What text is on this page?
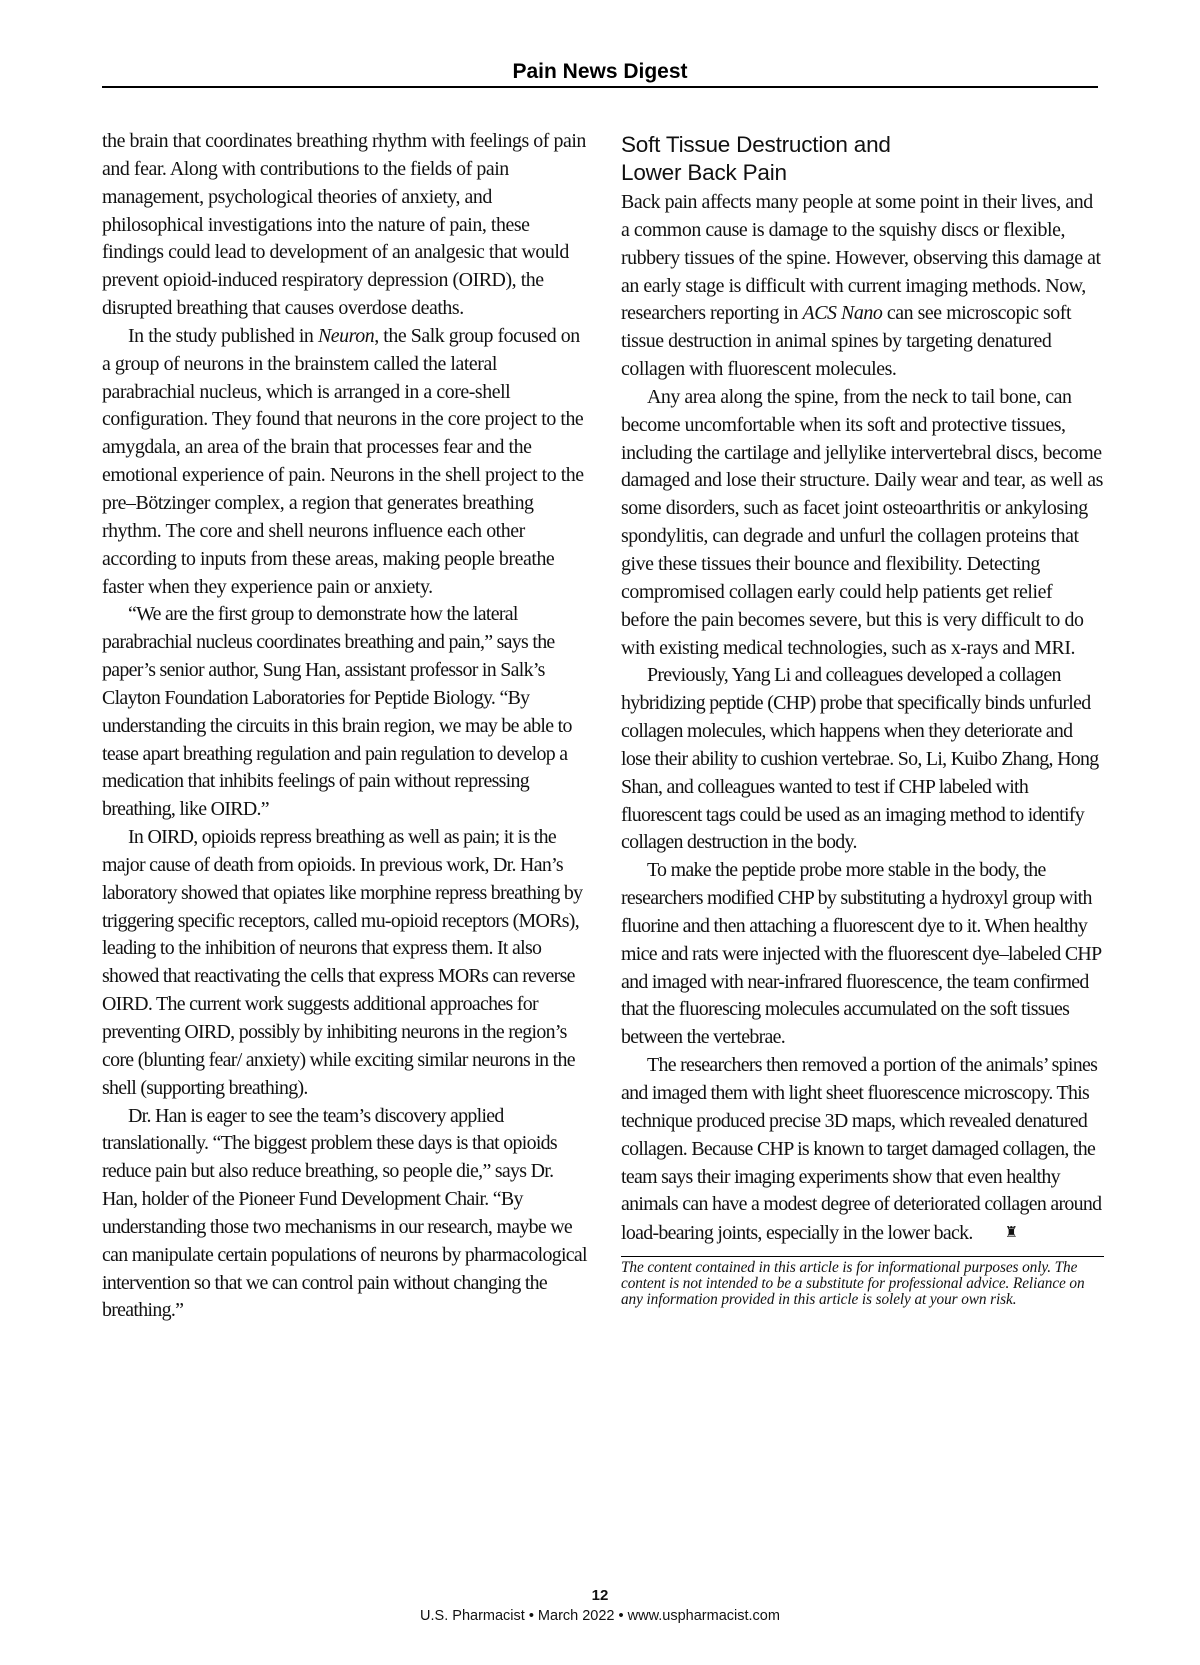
Pain News Digest

the brain that coordinates breathing rhythm with feelings of pain and fear. Along with contributions to the fields of pain management, psychological theories of anxiety, and philosophical investigations into the nature of pain, these findings could lead to development of an analgesic that would prevent opioid-induced respiratory depression (OIRD), the disrupted breathing that causes overdose deaths.

In the study published in Neuron, the Salk group focused on a group of neurons in the brainstem called the lateral parabrachial nucleus, which is arranged in a core-shell configuration. They found that neurons in the core project to the amygdala, an area of the brain that processes fear and the emotional experience of pain. Neurons in the shell project to the pre–Bötzinger complex, a region that generates breathing rhythm. The core and shell neurons influence each other according to inputs from these areas, making people breathe faster when they experience pain or anxiety.

“We are the first group to demonstrate how the lateral parabrachial nucleus coordinates breathing and pain,” says the paper’s senior author, Sung Han, assistant professor in Salk’s Clayton Foundation Laboratories for Peptide Biology. “By understanding the circuits in this brain region, we may be able to tease apart breathing regulation and pain regulation to develop a medication that inhibits feelings of pain without repressing breathing, like OIRD.”

In OIRD, opioids repress breathing as well as pain; it is the major cause of death from opioids. In previous work, Dr. Han’s laboratory showed that opiates like morphine repress breathing by triggering specific receptors, called mu-opioid receptors (MORs), leading to the inhibition of neurons that express them. It also showed that reactivating the cells that express MORs can reverse OIRD. The current work suggests additional approaches for preventing OIRD, possibly by inhibiting neurons in the region’s core (blunting fear/ anxiety) while exciting similar neurons in the shell (supporting breathing).

Dr. Han is eager to see the team’s discovery applied translationally. “The biggest problem these days is that opioids reduce pain but also reduce breathing, so people die,” says Dr. Han, holder of the Pioneer Fund Development Chair. “By understanding those two mechanisms in our research, maybe we can manipulate certain populations of neurons by pharmacological intervention so that we can control pain without changing the breathing.”

Soft Tissue Destruction and
Lower Back Pain

Back pain affects many people at some point in their lives, and a common cause is damage to the squishy discs or flexible, rubbery tissues of the spine. However, observing this damage at an early stage is difficult with current imaging methods. Now, researchers reporting in ACS Nano can see microscopic soft tissue destruction in animal spines by targeting denatured collagen with fluorescent molecules.

Any area along the spine, from the neck to tail bone, can become uncomfortable when its soft and protective tissues, including the cartilage and jellylike intervertebral discs, become damaged and lose their structure. Daily wear and tear, as well as some disorders, such as facet joint osteoarthritis or ankylosing spondylitis, can degrade and unfurl the collagen proteins that give these tissues their bounce and flexibility. Detecting compromised collagen early could help patients get relief before the pain becomes severe, but this is very difficult to do with existing medical technologies, such as x-rays and MRI.

Previously, Yang Li and colleagues developed a collagen hybridizing peptide (CHP) probe that specifically binds unfurled collagen molecules, which happens when they deteriorate and lose their ability to cushion vertebrae. So, Li, Kuibo Zhang, Hong Shan, and colleagues wanted to test if CHP labeled with fluorescent tags could be used as an imaging method to identify collagen destruction in the body.

To make the peptide probe more stable in the body, the researchers modified CHP by substituting a hydroxyl group with fluorine and then attaching a fluorescent dye to it. When healthy mice and rats were injected with the fluorescent dye–labeled CHP and imaged with near-infrared fluorescence, the team confirmed that the fluorescing molecules accumulated on the soft tissues between the vertebrae.

The researchers then removed a portion of the animals’ spines and imaged them with light sheet fluorescence microscopy. This technique produced precise 3D maps, which revealed denatured collagen. Because CHP is known to target damaged collagen, the team says their imaging experiments show that even healthy animals can have a modest degree of deteriorated collagen around load-bearing joints, especially in the lower back. ♜

The content contained in this article is for informational purposes only. The content is not intended to be a substitute for professional advice. Reliance on any information provided in this article is solely at your own risk.
12
U.S. Pharmacist • March 2022 • www.uspharmacist.com
